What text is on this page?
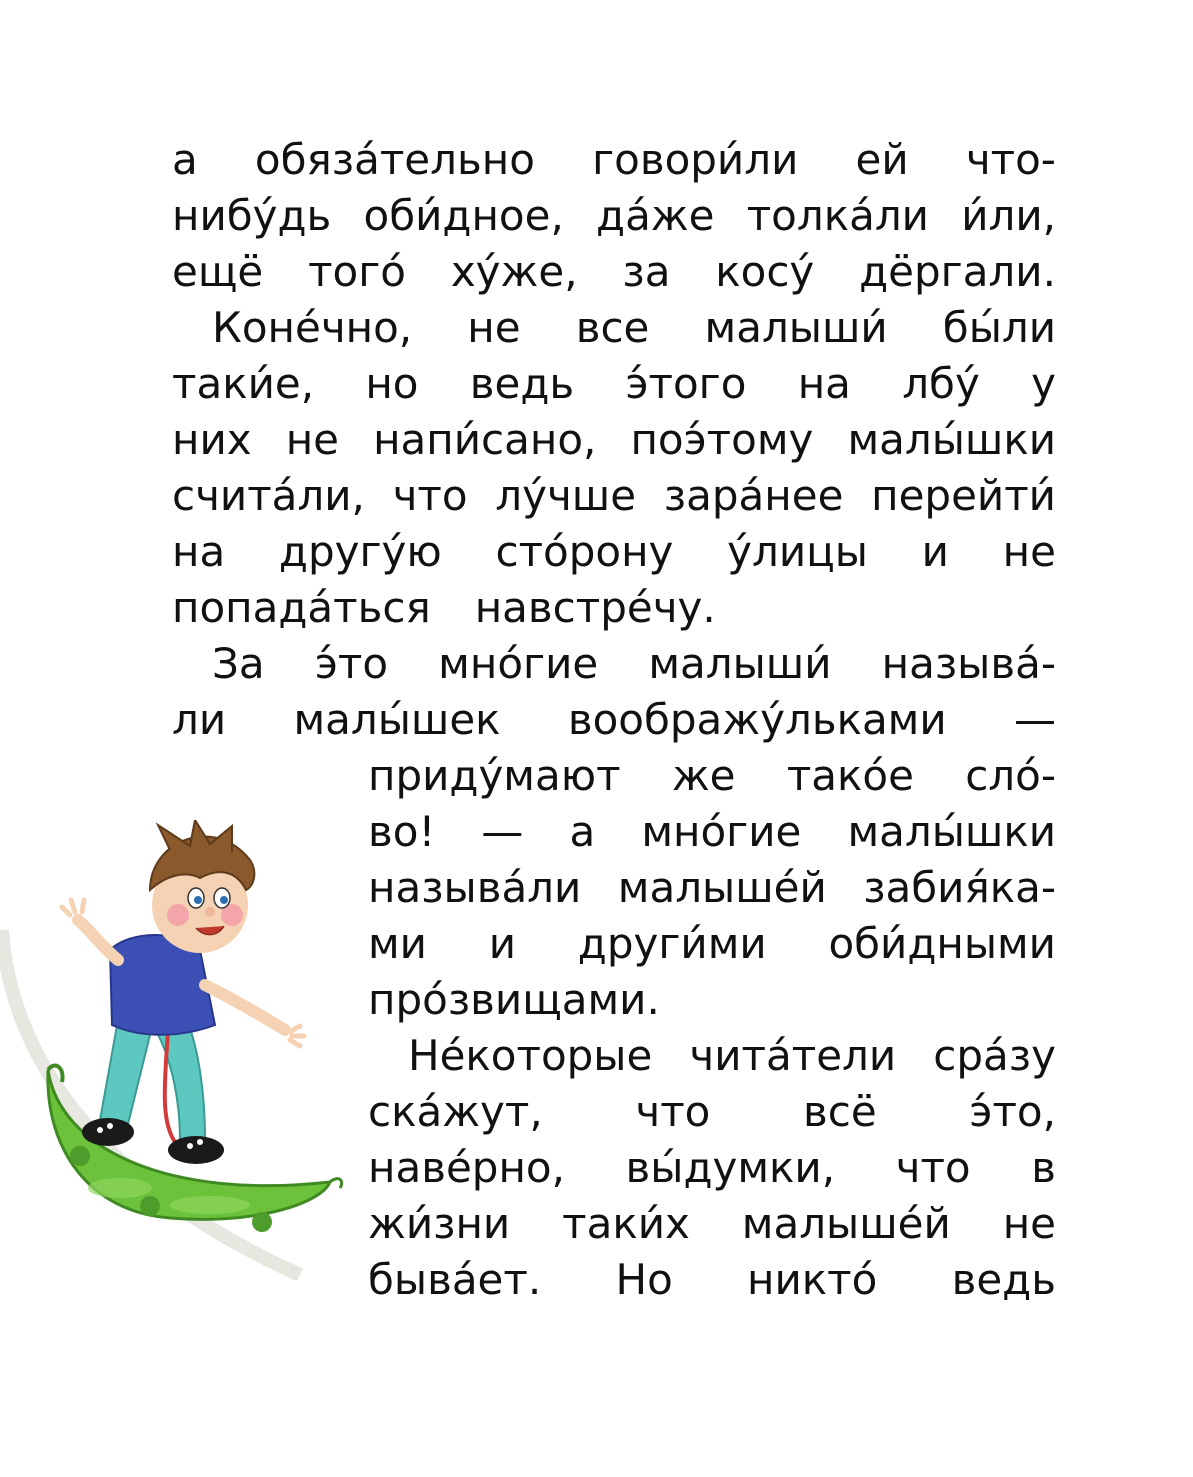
а обяза́тельно говори́ли ей что-
нибу́дь оби́дное, да́же толка́ли и́ли,
ещё того́ ху́же, за косу́ дёргали.
Коне́чно, не все малыши́ бы́ли
таки́е, но ведь э́того на лбу́ у
них не напи́сано, поэ́тому малы́шки
счита́ли, что лу́чше зара́нее перейти́
на другу́ю сто́рону у́лицы и не
попада́ться навстре́чу.
За э́то мно́гие малыши́ называ́-
ли малы́шек воображу́льками —
приду́мают же тако́е сло́-
во! — а мно́гие малы́шки
называ́ли малыше́й забия́ка-
ми и други́ми оби́дными
про́звищами.
Не́которые чита́тели сра́зу
ска́жут, что всё э́то,
наве́рно, вы́думки, что в
жи́зни таки́х малыше́й не
быва́ет. Но никто́ ведь
